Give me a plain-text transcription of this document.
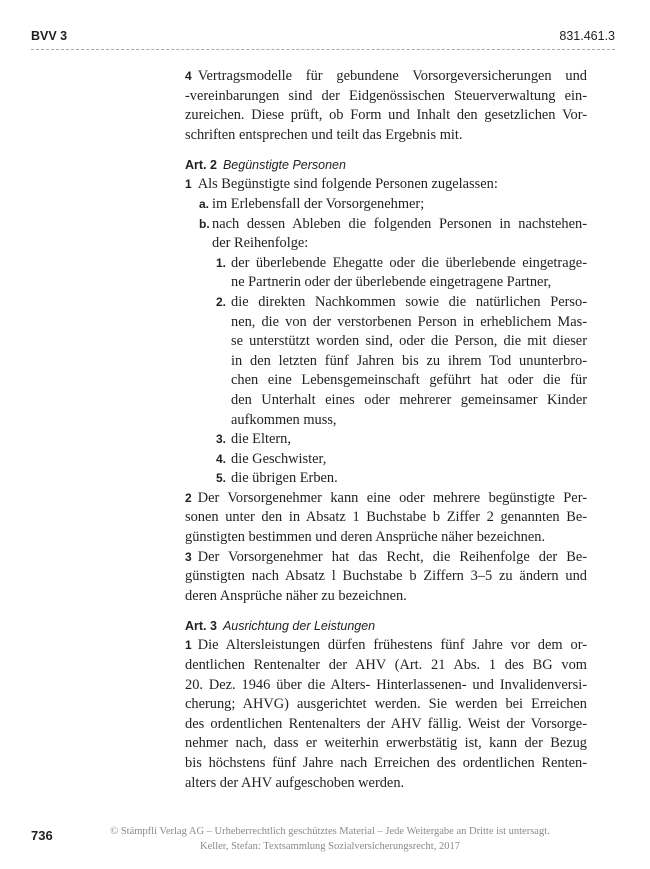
BVV 3	831.461.3
4 Vertragsmodelle für gebundene Vorsorgeversicherungen und
-vereinbarungen sind der Eidgenössischen Steuerverwaltung ein-
zureichen. Diese prüft, ob Form und Inhalt den gesetzlichen Vor-
schriften entsprechen und teilt das Ergebnis mit.
Art. 2 Begünstigte Personen
1 Als Begünstigte sind folgende Personen zugelassen:
a. im Erlebensfall der Vorsorgenehmer;
b. nach dessen Ableben die folgenden Personen in nachstehen-
der Reihenfolge:
1. der überlebende Ehegatte oder die überlebende eingetrage-
ne Partnerin oder der überlebende eingetragene Partner,
2. die direkten Nachkommen sowie die natürlichen Perso-
nen, die von der verstorbenen Person in erheblichem Mas-
se unterstützt worden sind, oder die Person, die mit dieser
in den letzten fünf Jahren bis zu ihrem Tod ununterbro-
chen eine Lebensgemeinschaft geführt hat oder die für
den Unterhalt eines oder mehrerer gemeinsamer Kinder
aufkommen muss,
3. die Eltern,
4. die Geschwister,
5. die übrigen Erben.
2 Der Vorsorgenehmer kann eine oder mehrere begünstigte Per-
sonen unter den in Absatz 1 Buchstabe b Ziffer 2 genannten Be-
günstigten bestimmen und deren Ansprüche näher bezeichnen.
3 Der Vorsorgenehmer hat das Recht, die Reihenfolge der Be-
günstigten nach Absatz l Buchstabe b Ziffern 3–5 zu ändern und
deren Ansprüche näher zu bezeichnen.
Art. 3 Ausrichtung der Leistungen
1 Die Altersleistungen dürfen frühestens fünf Jahre vor dem or-
dentlichen Rentenalter der AHV (Art. 21 Abs. 1 des BG vom
20. Dez. 1946 über die Alters- Hinterlassenen- und Invalidenversi-
cherung; AHVG) ausgerichtet werden. Sie werden bei Erreichen
des ordentlichen Rentenalters der AHV fällig. Weist der Vorsorge-
nehmer nach, dass er weiterhin erwerbstätig ist, kann der Bezug
bis höchstens fünf Jahre nach Erreichen des ordentlichen Renten-
alters der AHV aufgeschoben werden.
736	© Stämpfli Verlag AG – Urheberrechtlich geschütztes Material – Jede Weitergabe an Dritte ist untersagt.
Keller, Stefan: Textsammlung Sozialversicherungsrecht, 2017
